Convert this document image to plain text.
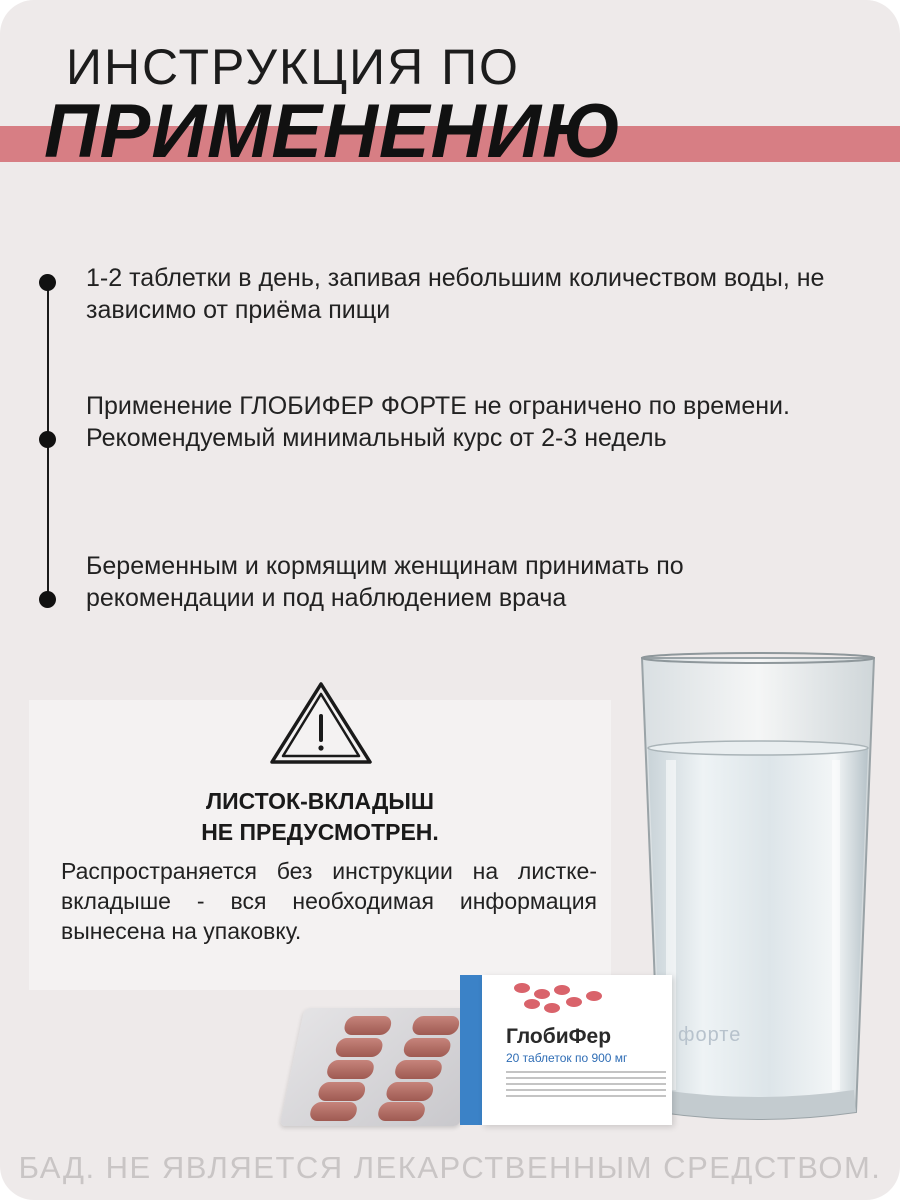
ИНСТРУКЦИЯ ПО
ПРИМЕНЕНИЮ
1-2 таблетки в день, запивая небольшим количеством воды, не зависимо от приёма пищи
Применение ГЛОБИФЕР ФОРТЕ не ограничено по времени. Рекомендуемый минимальный курс от 2-3 недель
Беременным и кормящим женщинам принимать по рекомендации и под наблюдением врача
ЛИСТОК-ВКЛАДЫШ
НЕ ПРЕДУСМОТРЕН.
Распространяется без инструкции на листке-вкладыше - вся необходимая информация вынесена на упаковку.
ГлобиФер
20 таблеток по 900 мг
форте
БАД. НЕ ЯВЛЯЕТСЯ ЛЕКАРСТВЕННЫМ СРЕДСТВОМ.
